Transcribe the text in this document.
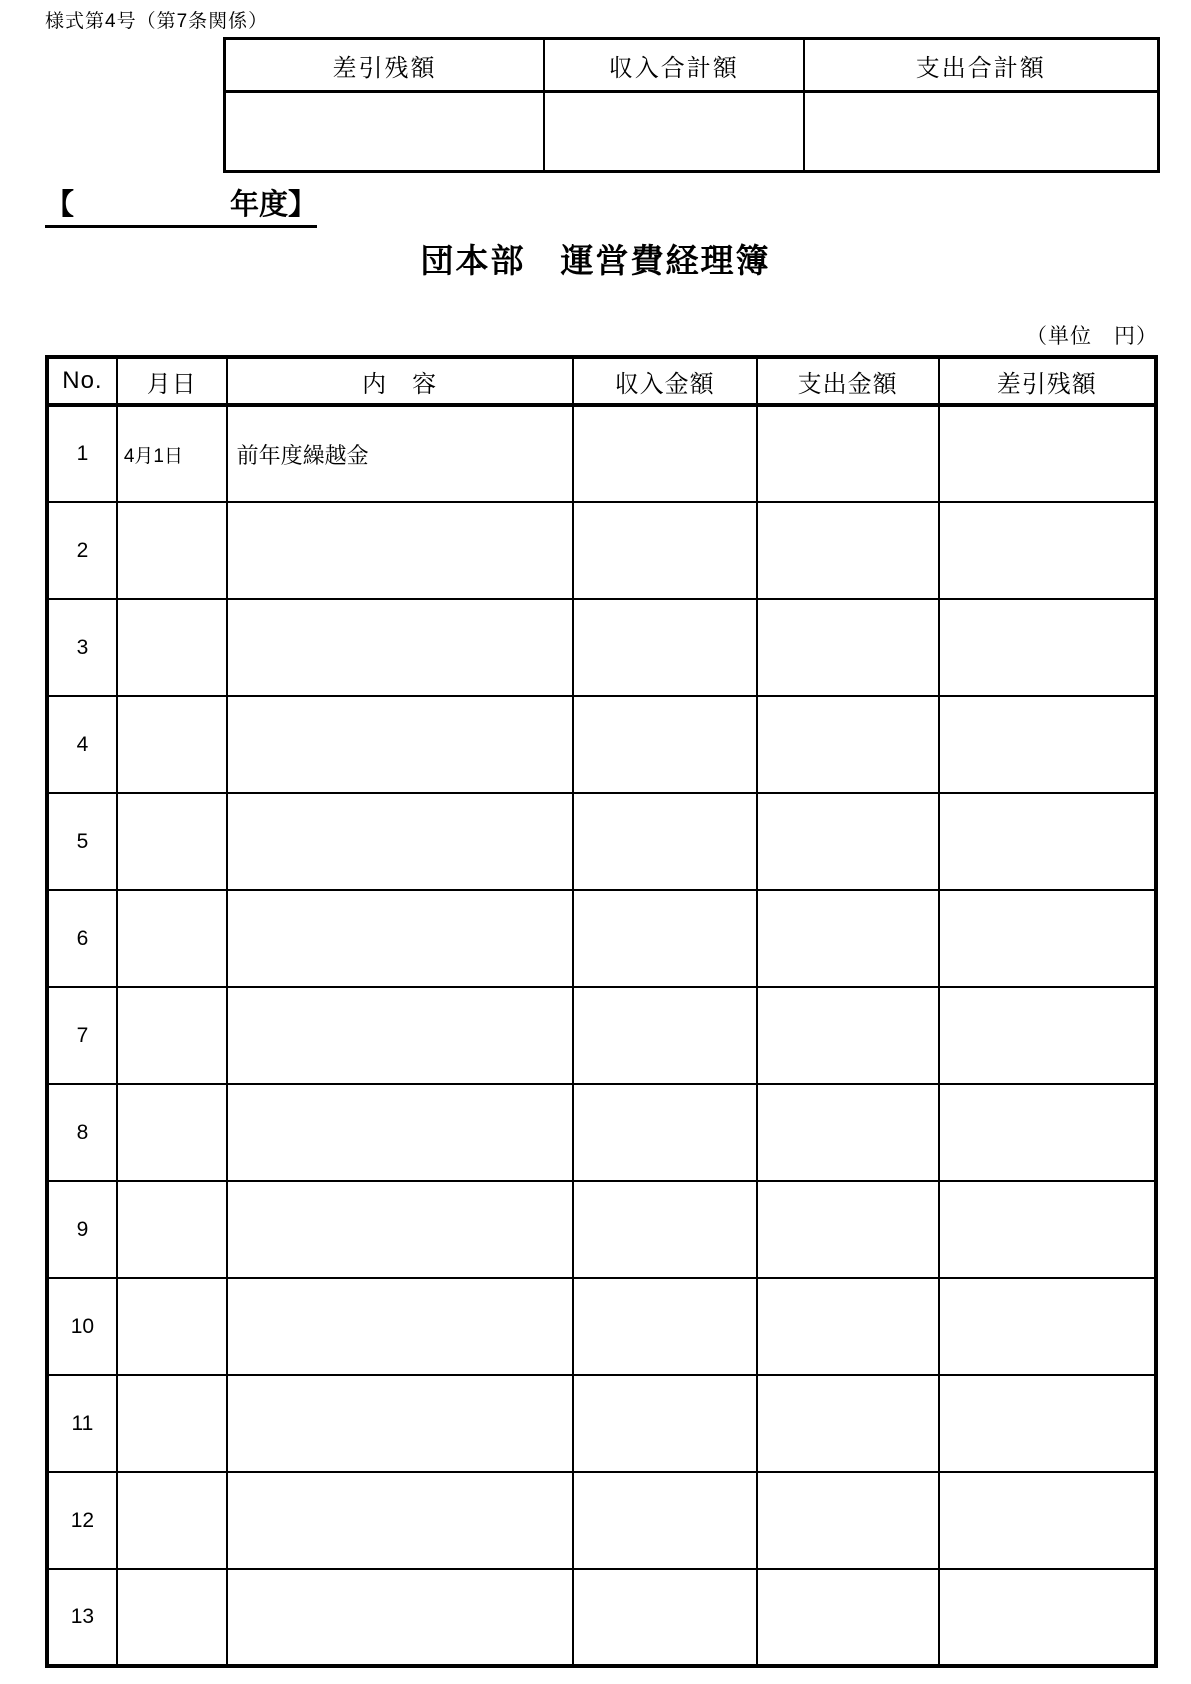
様式第4号（第7条関係）
差引残額	収入合計額	支出合計額

【	年度】
団本部　運営費経理簿
（単位　円）
No.	月日	内　容	収入金額	支出金額	差引残額
1	4月1日	前年度繰越金			
2					
3					
4					
5					
6					
7					
8					
9					
10					
11					
12					
13					
